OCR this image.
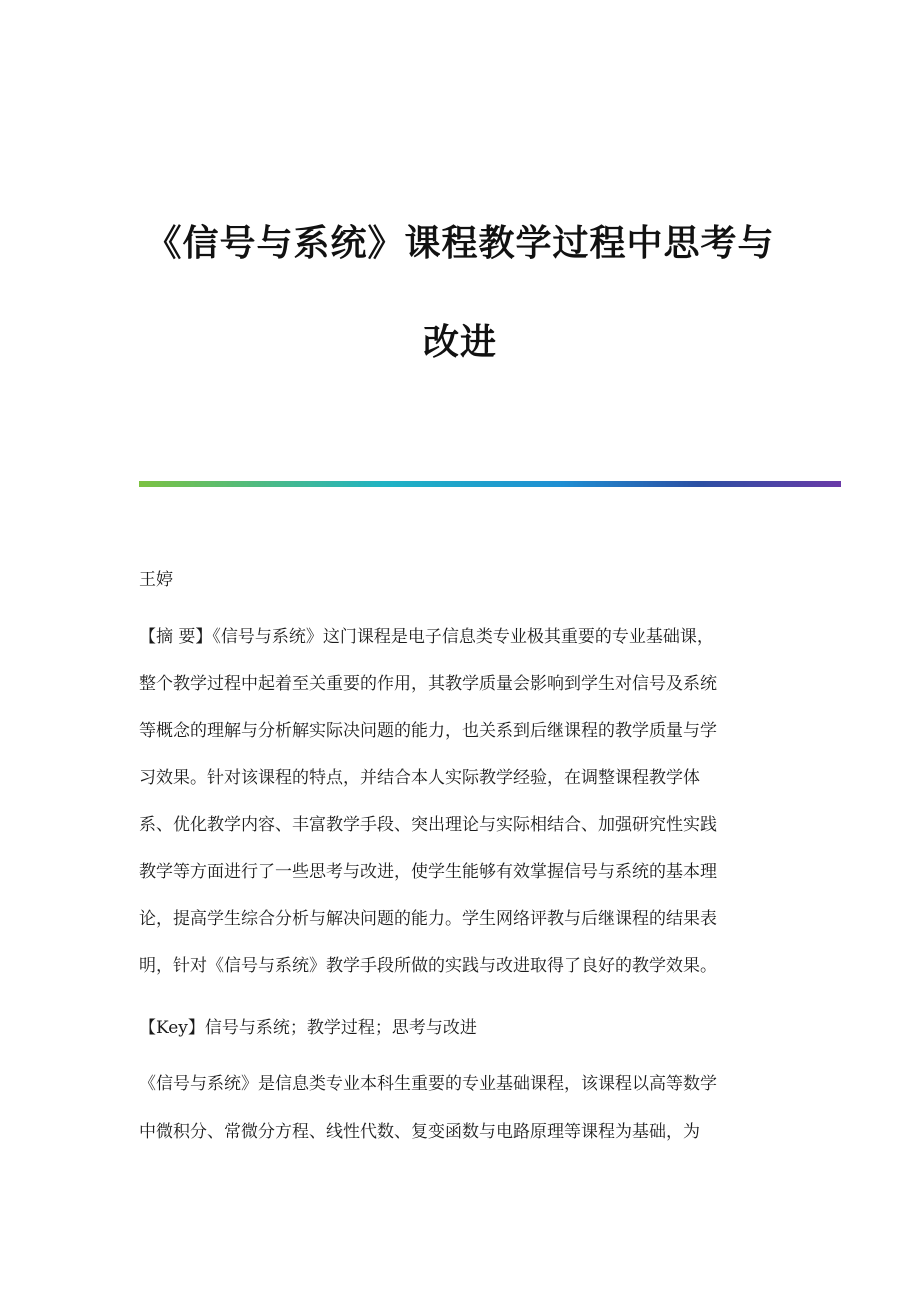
《信号与系统》课程教学过程中思考与
改进
王婷
【摘 要】《信号与系统》这门课程是电子信息类专业极其重要的专业基础课，
整个教学过程中起着至关重要的作用，其教学质量会影响到学生对信号及系统
等概念的理解与分析解实际决问题的能力，也关系到后继课程的教学质量与学
习效果。针对该课程的特点，并结合本人实际教学经验，在调整课程教学体
系、优化教学内容、丰富教学手段、突出理论与实际相结合、加强研究性实践
教学等方面进行了一些思考与改进，使学生能够有效掌握信号与系统的基本理
论，提高学生综合分析与解决问题的能力。学生网络评教与后继课程的结果表
明，针对《信号与系统》教学手段所做的实践与改进取得了良好的教学效果。
【Key】信号与系统；教学过程；思考与改进
《信号与系统》是信息类专业本科生重要的专业基础课程，该课程以高等数学
中微积分、常微分方程、线性代数、复变函数与电路原理等课程为基础，为
